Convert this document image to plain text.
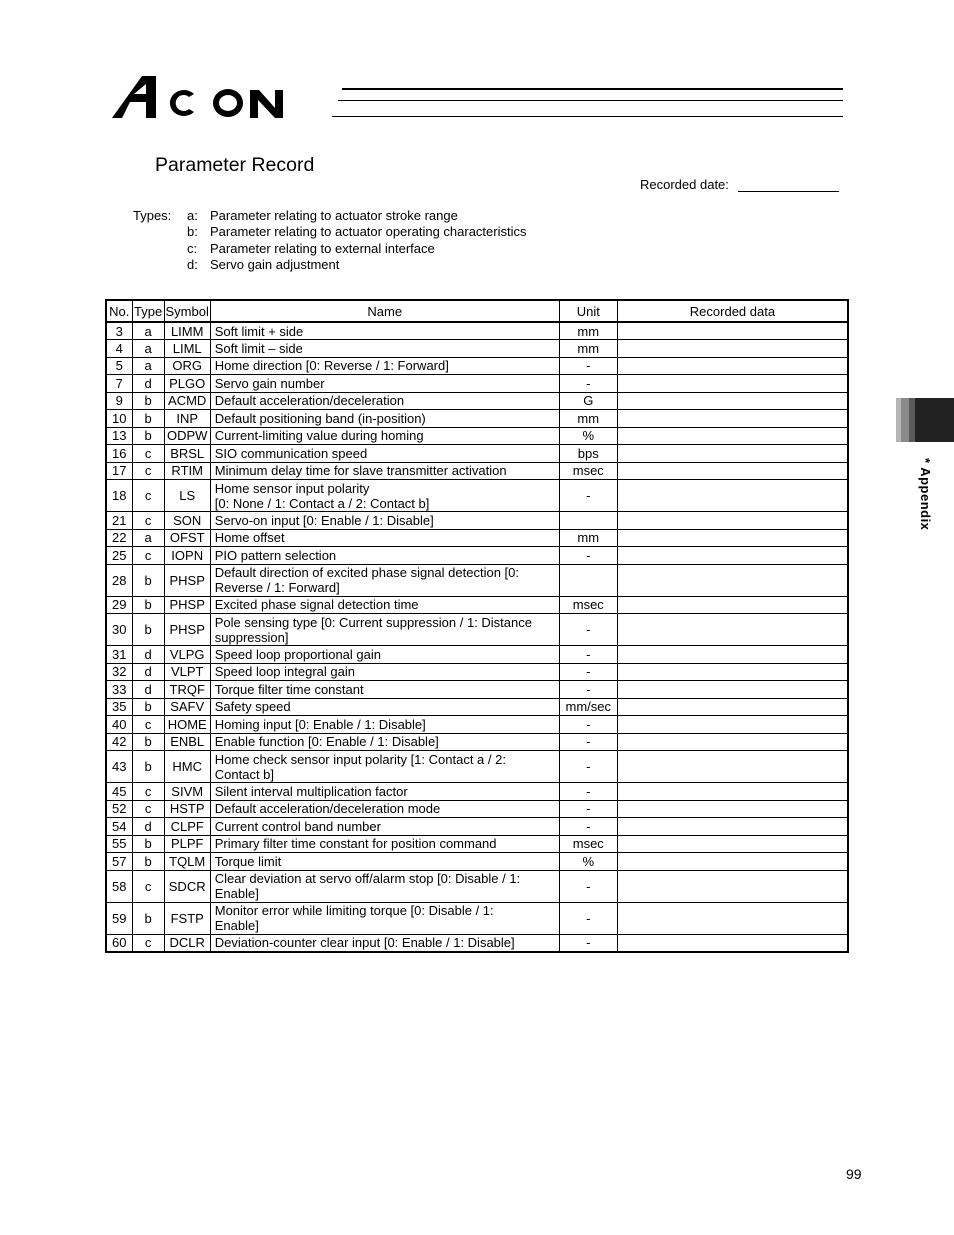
Parameter Record
Recorded date:
Types:	a: Parameter relating to actuator stroke range
b: Parameter relating to actuator operating characteristics
c: Parameter relating to external interface
d: Servo gain adjustment
No.	Type	Symbol	Name	Unit	Recorded data
3	a	LIMM	Soft limit + side	mm	
4	a	LIML	Soft limit – side	mm	
5	a	ORG	Home direction [0: Reverse / 1: Forward]	-	
7	d	PLGO	Servo gain number	-	
9	b	ACMD	Default acceleration/deceleration	G	
10	b	INP	Default positioning band (in-position)	mm	
13	b	ODPW	Current-limiting value during homing	%	
16	c	BRSL	SIO communication speed	bps	
17	c	RTIM	Minimum delay time for slave transmitter activation	msec	
18	c	LS	Home sensor input polarity
[0: None / 1: Contact a / 2: Contact b]	-	
21	c	SON	Servo-on input [0: Enable / 1: Disable]		

22	a	OFST	Home offset	mm	
25	c	IOPN	PIO pattern selection	-	
28	b	PHSP	Default direction of excited phase signal detection [0:
Reverse / 1: Forward]		

29	b	PHSP	Excited phase signal detection time	msec	
30	b	PHSP	Pole sensing type [0: Current suppression / 1: Distance
suppression]	-	
31	d	VLPG	Speed loop proportional gain	-	
32	d	VLPT	Speed loop integral gain	-	
33	d	TRQF	Torque filter time constant	-	
35	b	SAFV	Safety speed	mm/sec	
40	c	HOME	Homing input [0: Enable / 1: Disable]	-	
42	b	ENBL	Enable function [0: Enable / 1: Disable]	-	
43	b	HMC	Home check sensor input polarity [1: Contact a / 2:
Contact b]	-	
45	c	SIVM	Silent interval multiplication factor	-	
52	c	HSTP	Default acceleration/deceleration mode	-	
54	d	CLPF	Current control band number	-	
55	b	PLPF	Primary filter time constant for position command	msec	
57	b	TQLM	Torque limit	%	
58	c	SDCR	Clear deviation at servo off/alarm stop [0: Disable / 1:
Enable]	-	
59	b	FSTP	Monitor error while limiting torque [0: Disable / 1:
Enable]	-	
60	c	DCLR	Deviation-counter clear input [0: Enable / 1: Disable]	-	
* Appendix
99
